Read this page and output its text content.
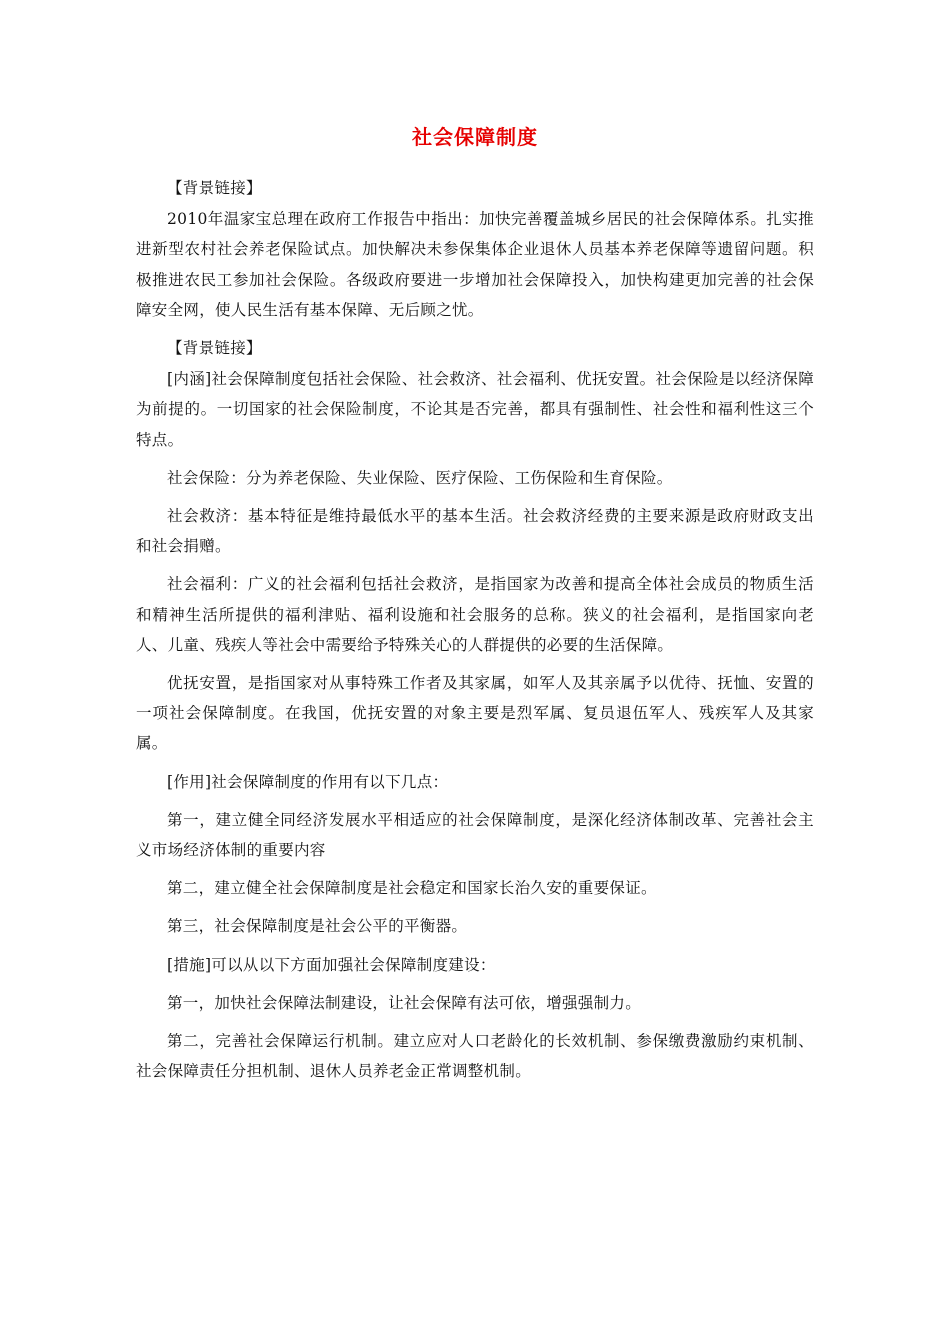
社会保障制度

【背景链接】

2010年温家宝总理在政府工作报告中指出：加快完善覆盖城乡居民的社会保障体系。扎实推进新型农村社会养老保险试点。加快解决未参保集体企业退休人员基本养老保障等遗留问题。积极推进农民工参加社会保险。各级政府要进一步增加社会保障投入，加快构建更加完善的社会保障安全网，使人民生活有基本保障、无后顾之忧。

【背景链接】

[内涵]社会保障制度包括社会保险、社会救济、社会福利、优抚安置。社会保险是以经济保障为前提的。一切国家的社会保险制度，不论其是否完善，都具有强制性、社会性和福利性这三个特点。

社会保险：分为养老保险、失业保险、医疗保险、工伤保险和生育保险。

社会救济：基本特征是维持最低水平的基本生活。社会救济经费的主要来源是政府财政支出和社会捐赠。

社会福利：广义的社会福利包括社会救济，是指国家为改善和提高全体社会成员的物质生活和精神生活所提供的福利津贴、福利设施和社会服务的总称。狭义的社会福利，是指国家向老人、儿童、残疾人等社会中需要给予特殊关心的人群提供的必要的生活保障。

优抚安置，是指国家对从事特殊工作者及其家属，如军人及其亲属予以优待、抚恤、安置的一项社会保障制度。在我国，优抚安置的对象主要是烈军属、复员退伍军人、残疾军人及其家属。

[作用]社会保障制度的作用有以下几点：

第一，建立健全同经济发展水平相适应的社会保障制度，是深化经济体制改革、完善社会主义市场经济体制的重要内容

第二，建立健全社会保障制度是社会稳定和国家长治久安的重要保证。

第三，社会保障制度是社会公平的平衡器。

[措施]可以从以下方面加强社会保障制度建设：

第一，加快社会保障法制建设，让社会保障有法可依，增强强制力。

第二，完善社会保障运行机制。建立应对人口老龄化的长效机制、参保缴费激励约束机制、社会保障责任分担机制、退休人员养老金正常调整机制。
